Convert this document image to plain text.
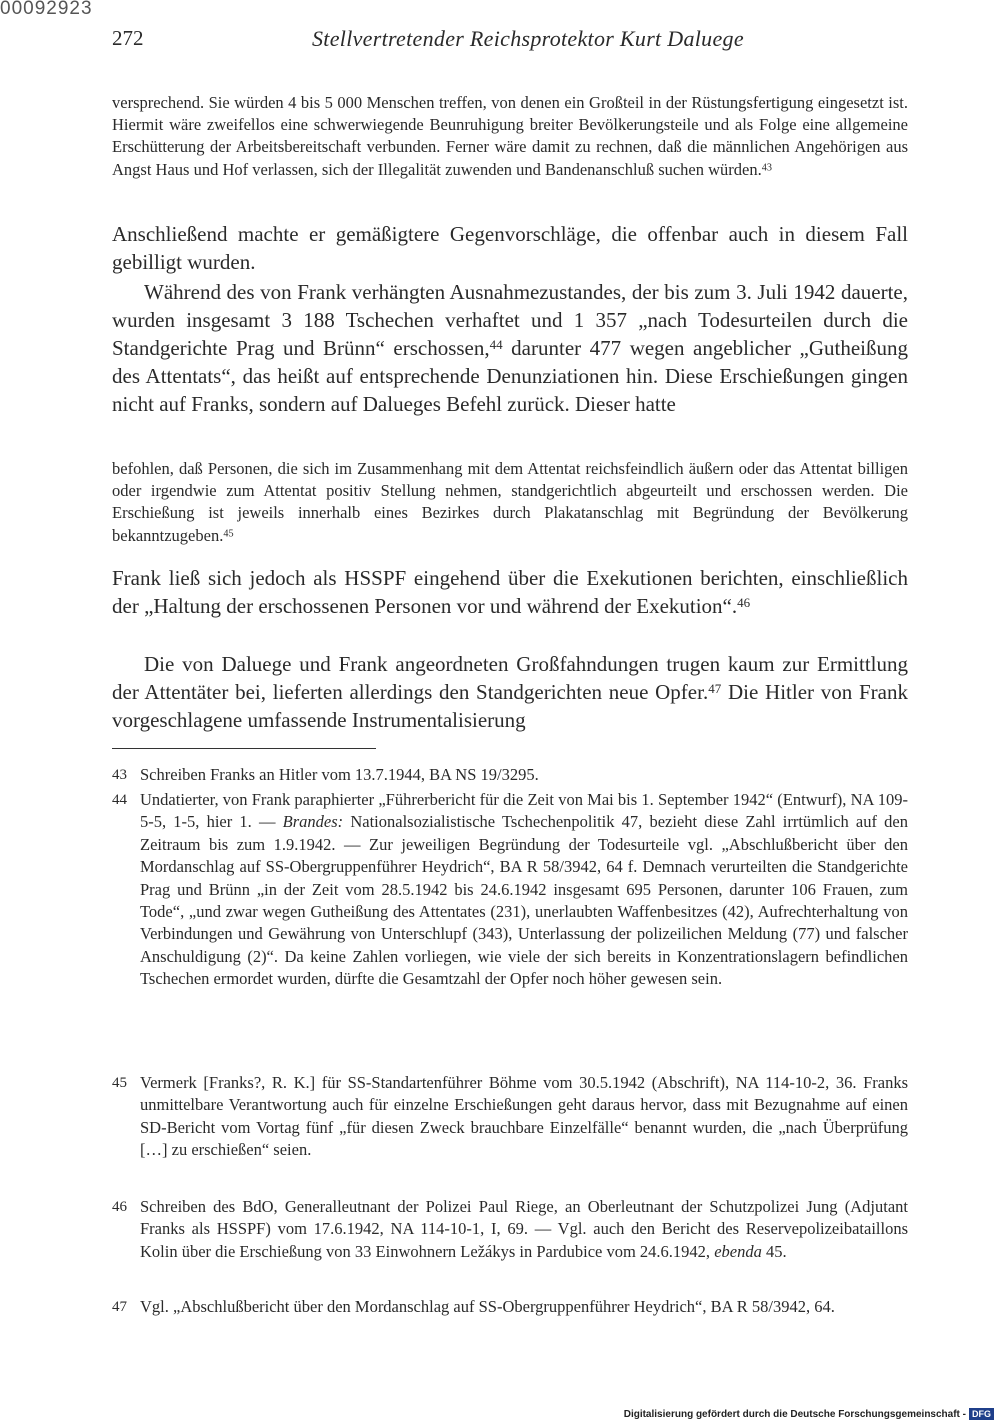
00092923
272	Stellvertretender Reichsprotektor Kurt Daluege
versprechend. Sie würden 4 bis 5 000 Menschen treffen, von denen ein Großteil in der Rüstungsfertigung eingesetzt ist. Hiermit wäre zweifellos eine schwerwiegende Beunruhigung breiter Bevölkerungsteile und als Folge eine allgemeine Erschütterung der Arbeitsbereitschaft verbunden. Ferner wäre damit zu rechnen, daß die männlichen Angehörigen aus Angst Haus und Hof verlassen, sich der Illegalität zuwenden und Bandenanschluß suchen würden.$^{43}$
Anschließend machte er gemäßigtere Gegenvorschläge, die offenbar auch in diesem Fall gebilligt wurden.
Während des von Frank verhängten Ausnahmezustandes, der bis zum 3. Juli 1942 dauerte, wurden insgesamt 3 188 Tschechen verhaftet und 1 357 „nach Todesurteilen durch die Standgerichte Prag und Brünn“ erschossen,$^{44}$ darunter 477 wegen angeblicher „Gutheißung des Attentats“, das heißt auf entsprechende Denunziationen hin. Diese Erschießungen gingen nicht auf Franks, sondern auf Dalueges Befehl zurück. Dieser hatte
befohlen, daß Personen, die sich im Zusammenhang mit dem Attentat reichsfeindlich äußern oder das Attentat billigen oder irgendwie zum Attentat positiv Stellung nehmen, standgerichtlich abgeurteilt und erschossen werden. Die Erschießung ist jeweils innerhalb eines Bezirkes durch Plakatanschlag mit Begründung der Bevölkerung bekanntzugeben.$^{45}$
Frank ließ sich jedoch als HSSPF eingehend über die Exekutionen berichten, einschließlich der „Haltung der erschossenen Personen vor und während der Exekution“.$^{46}$
Die von Daluege und Frank angeordneten Großfahndungen trugen kaum zur Ermittlung der Attentäter bei, lieferten allerdings den Standgerichten neue Opfer.$^{47}$ Die Hitler von Frank vorgeschlagene umfassende Instrumentalisierung
43 Schreiben Franks an Hitler vom 13.7.1944, BA NS 19/3295.
44 Undatierter, von Frank paraphierter „Führerbericht für die Zeit von Mai bis 1. September 1942“ (Entwurf), NA 109-5-5, 1-5, hier 1. — Brandes: Nationalsozialistische Tschechenpolitik 47, bezieht diese Zahl irrtümlich auf den Zeitraum bis zum 1.9.1942. — Zur jeweiligen Begründung der Todesurteile vgl. „Abschlußbericht über den Mordanschlag auf SS-Obergruppenführer Heydrich“, BA R 58/3942, 64 f. Demnach verurteilten die Standgerichte Prag und Brünn „in der Zeit vom 28.5.1942 bis 24.6.1942 insgesamt 695 Personen, darunter 106 Frauen, zum Tode“, „und zwar wegen Gutheißung des Attentates (231), unerlaubten Waffenbesitzes (42), Aufrechterhaltung von Verbindungen und Gewährung von Unterschlupf (343), Unterlassung der polizeilichen Meldung (77) und falscher Anschuldigung (2)“. Da keine Zahlen vorliegen, wie viele der sich bereits in Konzentrationslagern befindlichen Tschechen ermordet wurden, dürfte die Gesamtzahl der Opfer noch höher gewesen sein.
45 Vermerk [Franks?, R. K.] für SS-Standartenführer Böhme vom 30.5.1942 (Abschrift), NA 114-10-2, 36. Franks unmittelbare Verantwortung auch für einzelne Erschießungen geht daraus hervor, dass mit Bezugnahme auf einen SD-Bericht vom Vortag fünf „für diesen Zweck brauchbare Einzelfälle“ benannt wurden, die „nach Überprüfung […] zu erschießen“ seien.
46 Schreiben des BdO, Generalleutnant der Polizei Paul Riege, an Oberleutnant der Schutzpolizei Jung (Adjutant Franks als HSSPF) vom 17.6.1942, NA 114-10-1, I, 69. — Vgl. auch den Bericht des Reservepolizeibataillons Kolin über die Erschießung von 33 Einwohnern Ležákys in Pardubice vom 24.6.1942, ebenda 45.
47 Vgl. „Abschlußbericht über den Mordanschlag auf SS-Obergruppenführer Heydrich“, BA R 58/3942, 64.
Digitalisierung gefördert durch die Deutsche Forschungsgemeinschaft - DFG
